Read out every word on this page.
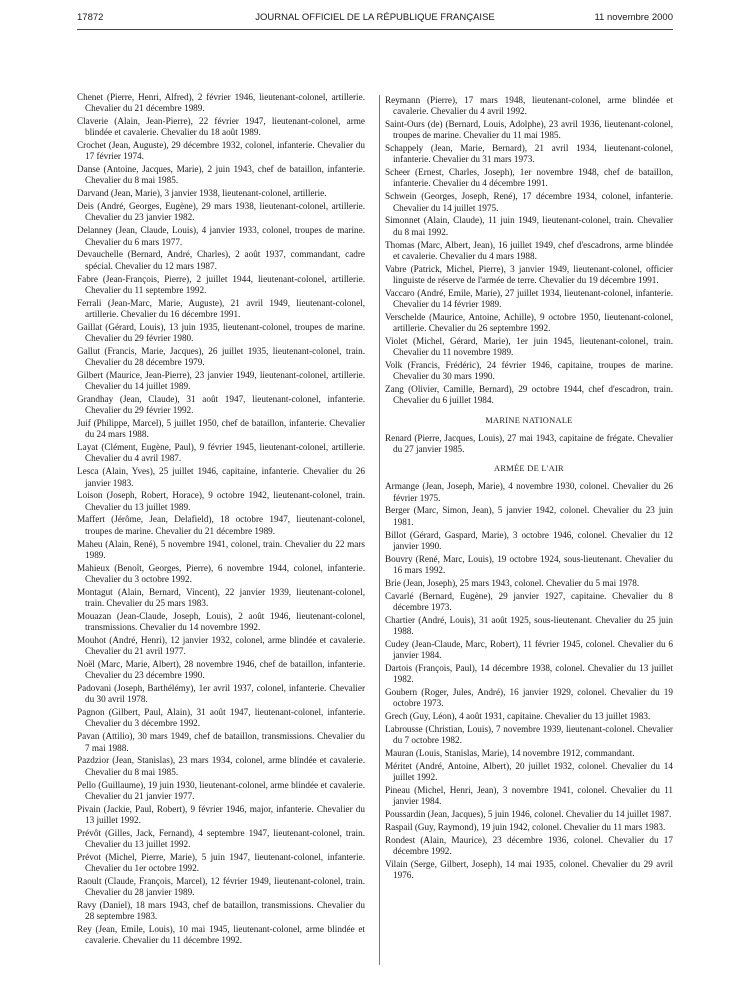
17872	JOURNAL OFFICIEL DE LA RÉPUBLIQUE FRANÇAISE	11 novembre 2000

Chenet (Pierre, Henri, Alfred), 2 février 1946, lieutenant-colonel, artillerie. Chevalier du 21 décembre 1989.

Claverie (Alain, Jean-Pierre), 22 février 1947, lieutenant-colonel, arme blindée et cavalerie. Chevalier du 18 août 1989.

Crochet (Jean, Auguste), 29 décembre 1932, colonel, infanterie. Chevalier du 17 février 1974.

Danse (Antoine, Jacques, Marie), 2 juin 1943, chef de bataillon, infanterie. Chevalier du 8 mai 1985.

Darvand (Jean, Marie), 3 janvier 1938, lieutenant-colonel, artillerie.

Deis (André, Georges, Eugène), 29 mars 1938, lieutenant-colonel, artillerie. Chevalier du 23 janvier 1982.

Delanney (Jean, Claude, Louis), 4 janvier 1933, colonel, troupes de marine. Chevalier du 6 mars 1977.

Devauchelle (Bernard, André, Charles), 2 août 1937, commandant, cadre spécial. Chevalier du 12 mars 1987.

Fabre (Jean-François, Pierre), 2 juillet 1944, lieutenant-colonel, artillerie. Chevalier du 11 septembre 1992.

Ferrali (Jean-Marc, Marie, Auguste), 21 avril 1949, lieutenant-colonel, artillerie. Chevalier du 16 décembre 1991.

Gaillat (Gérard, Louis), 13 juin 1935, lieutenant-colonel, troupes de marine. Chevalier du 29 février 1980.

Gallut (Francis, Marie, Jacques), 26 juillet 1935, lieutenant-colonel, train. Chevalier du 28 décembre 1979.

Gilbert (Maurice, Jean-Pierre), 23 janvier 1949, lieutenant-colonel, artillerie. Chevalier du 14 juillet 1989.

Grandhay (Jean, Claude), 31 août 1947, lieutenant-colonel, infanterie. Chevalier du 29 février 1992.

Juif (Philippe, Marcel), 5 juillet 1950, chef de bataillon, infanterie. Chevalier du 24 mars 1988.

Layat (Clément, Eugène, Paul), 9 février 1945, lieutenant-colonel, artillerie. Chevalier du 4 avril 1987.

Lesca (Alain, Yves), 25 juillet 1946, capitaine, infanterie. Chevalier du 26 janvier 1983.

Loison (Joseph, Robert, Horace), 9 octobre 1942, lieutenant-colonel, train. Chevalier du 13 juillet 1989.

Maffert (Jérôme, Jean, Delafield), 18 octobre 1947, lieutenant-colonel, troupes de marine. Chevalier du 21 décembre 1989.

Maheu (Alain, René), 5 novembre 1941, colonel, train. Chevalier du 22 mars 1989.

Mahieux (Benoît, Georges, Pierre), 6 novembre 1944, colonel, infanterie. Chevalier du 3 octobre 1992.

Montagut (Alain, Bernard, Vincent), 22 janvier 1939, lieutenant-colonel, train. Chevalier du 25 mars 1983.

Mouazan (Jean-Claude, Joseph, Louis), 2 août 1946, lieutenant-colonel, transmissions. Chevalier du 14 novembre 1992.

Mouhot (André, Henri), 12 janvier 1932, colonel, arme blindée et cavalerie. Chevalier du 21 avril 1977.

Noël (Marc, Marie, Albert), 28 novembre 1946, chef de bataillon, infanterie. Chevalier du 23 décembre 1990.

Padovani (Joseph, Barthélémy), 1er avril 1937, colonel, infanterie. Chevalier du 30 avril 1978.

Pagnon (Gilbert, Paul, Alain), 31 août 1947, lieutenant-colonel, infanterie. Chevalier du 3 décembre 1992.

Pavan (Attilio), 30 mars 1949, chef de bataillon, transmissions. Chevalier du 7 mai 1988.

Pazdzior (Jean, Stanislas), 23 mars 1934, colonel, arme blindée et cavalerie. Chevalier du 8 mai 1985.

Pello (Guillaume), 19 juin 1930, lieutenant-colonel, arme blindée et cavalerie. Chevalier du 21 janvier 1977.

Pivain (Jackie, Paul, Robert), 9 février 1946, major, infanterie. Chevalier du 13 juillet 1992.

Prévôt (Gilles, Jack, Fernand), 4 septembre 1947, lieutenant-colonel, train. Chevalier du 13 juillet 1992.

Prévot (Michel, Pierre, Marie), 5 juin 1947, lieutenant-colonel, infanterie. Chevalier du 1er octobre 1992.

Raoult (Claude, François, Marcel), 12 février 1949, lieutenant-colonel, train. Chevalier du 28 janvier 1989.

Ravy (Daniel), 18 mars 1943, chef de bataillon, transmissions. Chevalier du 28 septembre 1983.

Rey (Jean, Emile, Louis), 10 mai 1945, lieutenant-colonel, arme blindée et cavalerie. Chevalier du 11 décembre 1992.

Reymann (Pierre), 17 mars 1948, lieutenant-colonel, arme blindée et cavalerie. Chevalier du 4 avril 1992.

Saint-Ours (de) (Bernard, Louis, Adolphe), 23 avril 1936, lieutenant-colonel, troupes de marine. Chevalier du 11 mai 1985.

Schappely (Jean, Marie, Bernard), 21 avril 1934, lieutenant-colonel, infanterie. Chevalier du 31 mars 1973.

Scheer (Ernest, Charles, Joseph), 1er novembre 1948, chef de bataillon, infanterie. Chevalier du 4 décembre 1991.

Schwein (Georges, Joseph, René), 17 décembre 1934, colonel, infanterie. Chevalier du 14 juillet 1975.

Simonnet (Alain, Claude), 11 juin 1949, lieutenant-colonel, train. Chevalier du 8 mai 1992.

Thomas (Marc, Albert, Jean), 16 juillet 1949, chef d'escadrons, arme blindée et cavalerie. Chevalier du 4 mars 1988.

Vabre (Patrick, Michel, Pierre), 3 janvier 1949, lieutenant-colonel, officier linguiste de réserve de l'armée de terre. Chevalier du 19 décembre 1991.

Vaccaro (André, Emile, Marie), 27 juillet 1934, lieutenant-colonel, infanterie. Chevalier du 14 février 1989.

Verschelde (Maurice, Antoine, Achille), 9 octobre 1950, lieutenant-colonel, artillerie. Chevalier du 26 septembre 1992.

Violet (Michel, Gérard, Marie), 1er juin 1945, lieutenant-colonel, train. Chevalier du 11 novembre 1989.

Volk (Francis, Frédéric), 24 février 1946, capitaine, troupes de marine. Chevalier du 30 mars 1990.

Zang (Olivier, Camille, Bernard), 29 octobre 1944, chef d'escadron, train. Chevalier du 6 juillet 1984.

MARINE NATIONALE

Renard (Pierre, Jacques, Louis), 27 mai 1943, capitaine de frégate. Chevalier du 27 janvier 1985.

ARMÉE DE L'AIR

Armange (Jean, Joseph, Marie), 4 novembre 1930, colonel. Chevalier du 26 février 1975.

Berger (Marc, Simon, Jean), 5 janvier 1942, colonel. Chevalier du 23 juin 1981.

Billot (Gérard, Gaspard, Marie), 3 octobre 1946, colonel. Chevalier du 12 janvier 1990.

Bouvry (René, Marc, Louis), 19 octobre 1924, sous-lieutenant. Chevalier du 16 mars 1992.

Brie (Jean, Joseph), 25 mars 1943, colonel. Chevalier du 5 mai 1978.

Cavarlé (Bernard, Eugène), 29 janvier 1927, capitaine. Chevalier du 8 décembre 1973.

Chartier (André, Louis), 31 août 1925, sous-lieutenant. Chevalier du 25 juin 1988.

Cudey (Jean-Claude, Marc, Robert), 11 février 1945, colonel. Chevalier du 6 janvier 1984.

Dartois (François, Paul), 14 décembre 1938, colonel. Chevalier du 13 juillet 1982.

Goubern (Roger, Jules, André), 16 janvier 1929, colonel. Chevalier du 19 octobre 1973.

Grech (Guy, Léon), 4 août 1931, capitaine. Chevalier du 13 juillet 1983.

Labrousse (Christian, Louis), 7 novembre 1939, lieutenant-colonel. Chevalier du 7 octobre 1982.

Mauran (Louis, Stanislas, Marie), 14 novembre 1912, commandant.

Méritet (André, Antoine, Albert), 20 juillet 1932, colonel. Chevalier du 14 juillet 1992.

Pineau (Michel, Henri, Jean), 3 novembre 1941, colonel. Chevalier du 11 janvier 1984.

Poussardin (Jean, Jacques), 5 juin 1946, colonel. Chevalier du 14 juillet 1987.

Raspail (Guy, Raymond), 19 juin 1942, colonel. Chevalier du 11 mars 1983.

Rondest (Alain, Maurice), 23 décembre 1936, colonel. Chevalier du 17 décembre 1992.

Vilain (Serge, Gilbert, Joseph), 14 mai 1935, colonel. Chevalier du 29 avril 1976.
